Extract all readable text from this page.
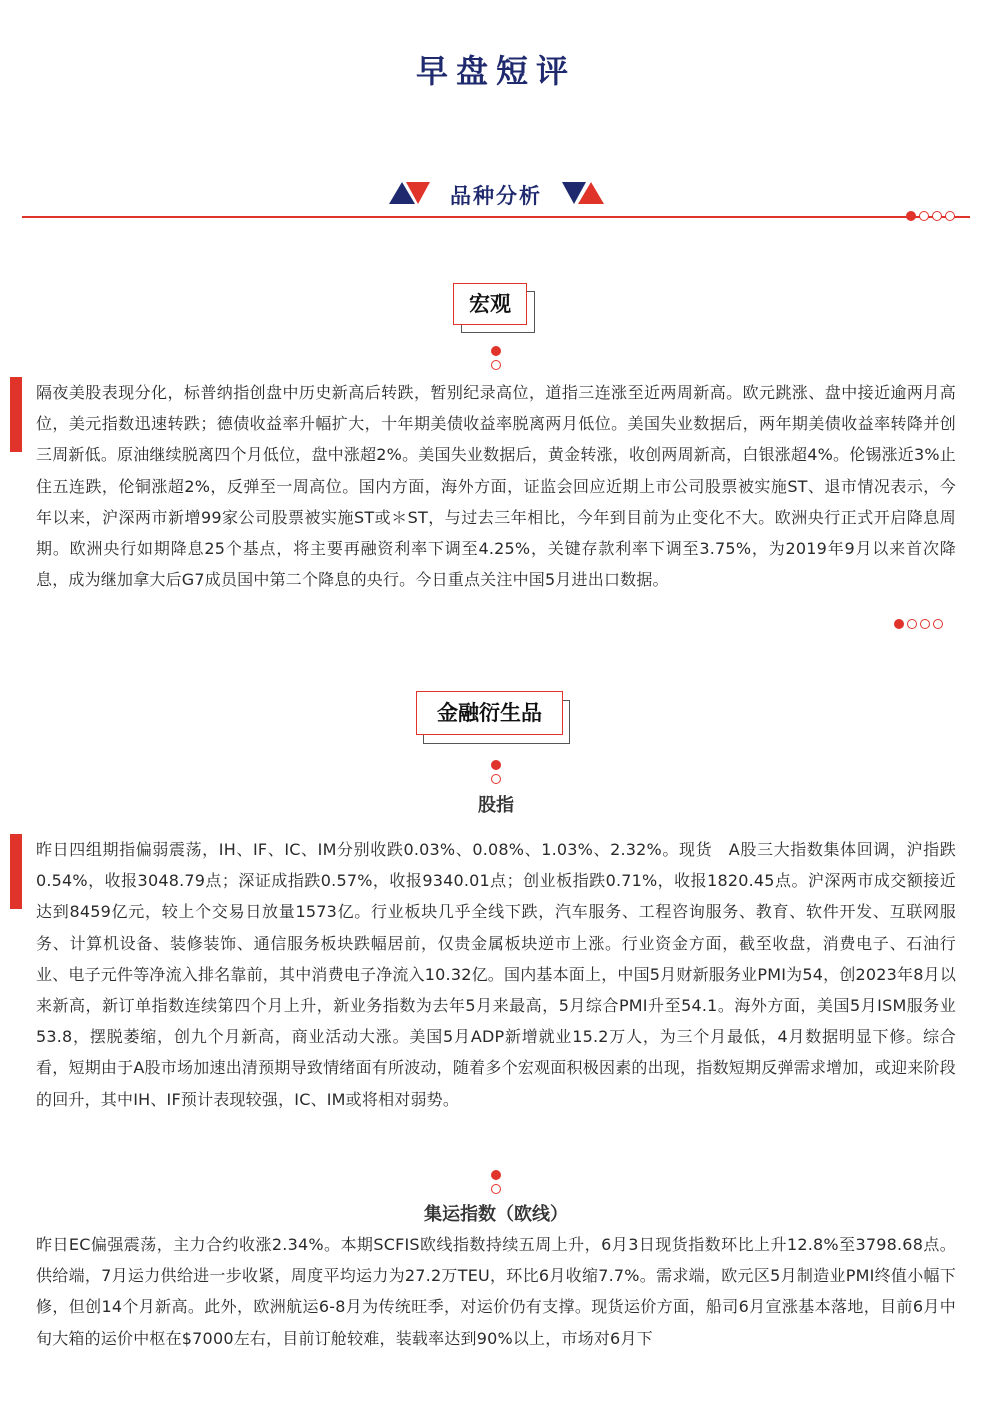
早盘短评
品种分析
宏观
隔夜美股表现分化，标普纳指创盘中历史新高后转跌，暂别纪录高位，道指三连涨至近两周新高。欧元跳涨、盘中接近逾两月高位，美元指数迅速转跌；德债收益率升幅扩大，十年期美债收益率脱离两月低位。美国失业数据后，两年期美债收益率转降并创三周新低。原油继续脱离四个月低位，盘中涨超2%。美国失业数据后，黄金转涨，收创两周新高，白银涨超4%。伦锡涨近3%止住五连跌，伦铜涨超2%，反弹至一周高位。国内方面，海外方面，证监会回应近期上市公司股票被实施ST、退市情况表示，今年以来，沪深两市新增99家公司股票被实施ST或＊ST，与过去三年相比，今年到目前为止变化不大。欧洲央行正式开启降息周期。欧洲央行如期降息25个基点，将主要再融资利率下调至4.25%，关键存款利率下调至3.75%，为2019年9月以来首次降息，成为继加拿大后G7成员国中第二个降息的央行。今日重点关注中国5月进出口数据。
金融衍生品
股指
昨日四组期指偏弱震荡，IH、IF、IC、IM分别收跌0.03%、0.08%、1.03%、2.32%。现货　A股三大指数集体回调，沪指跌0.54%，收报3048.79点；深证成指跌0.57%，收报9340.01点；创业板指跌0.71%，收报1820.45点。沪深两市成交额接近达到8459亿元，较上个交易日放量1573亿。行业板块几乎全线下跌，汽车服务、工程咨询服务、教育、软件开发、互联网服务、计算机设备、装修装饰、通信服务板块跌幅居前，仅贵金属板块逆市上涨。行业资金方面，截至收盘，消费电子、石油行业、电子元件等净流入排名靠前，其中消费电子净流入10.32亿。国内基本面上，中国5月财新服务业PMI为54，创2023年8月以来新高，新订单指数连续第四个月上升，新业务指数为去年5月来最高，5月综合PMI升至54.1。海外方面，美国5月ISM服务业53.8，摆脱萎缩，创九个月新高，商业活动大涨。美国5月ADP新增就业15.2万人，为三个月最低，4月数据明显下修。综合看，短期由于A股市场加速出清预期导致情绪面有所波动，随着多个宏观面积极因素的出现，指数短期反弹需求增加，或迎来阶段的回升，其中IH、IF预计表现较强，IC、IM或将相对弱势。
集运指数（欧线）
昨日EC偏强震荡，主力合约收涨2.34%。本期SCFIS欧线指数持续五周上升，6月3日现货指数环比上升12.8%至3798.68点。供给端，7月运力供给进一步收紧，周度平均运力为27.2万TEU，环比6月收缩7.7%。需求端，欧元区5月制造业PMI终值小幅下修，但创14个月新高。此外，欧洲航运6-8月为传统旺季，对运价仍有支撑。现货运价方面，船司6月宣涨基本落地，目前6月中旬大箱的运价中枢在$7000左右，目前订舱较难，装载率达到90%以上，市场对6月下
